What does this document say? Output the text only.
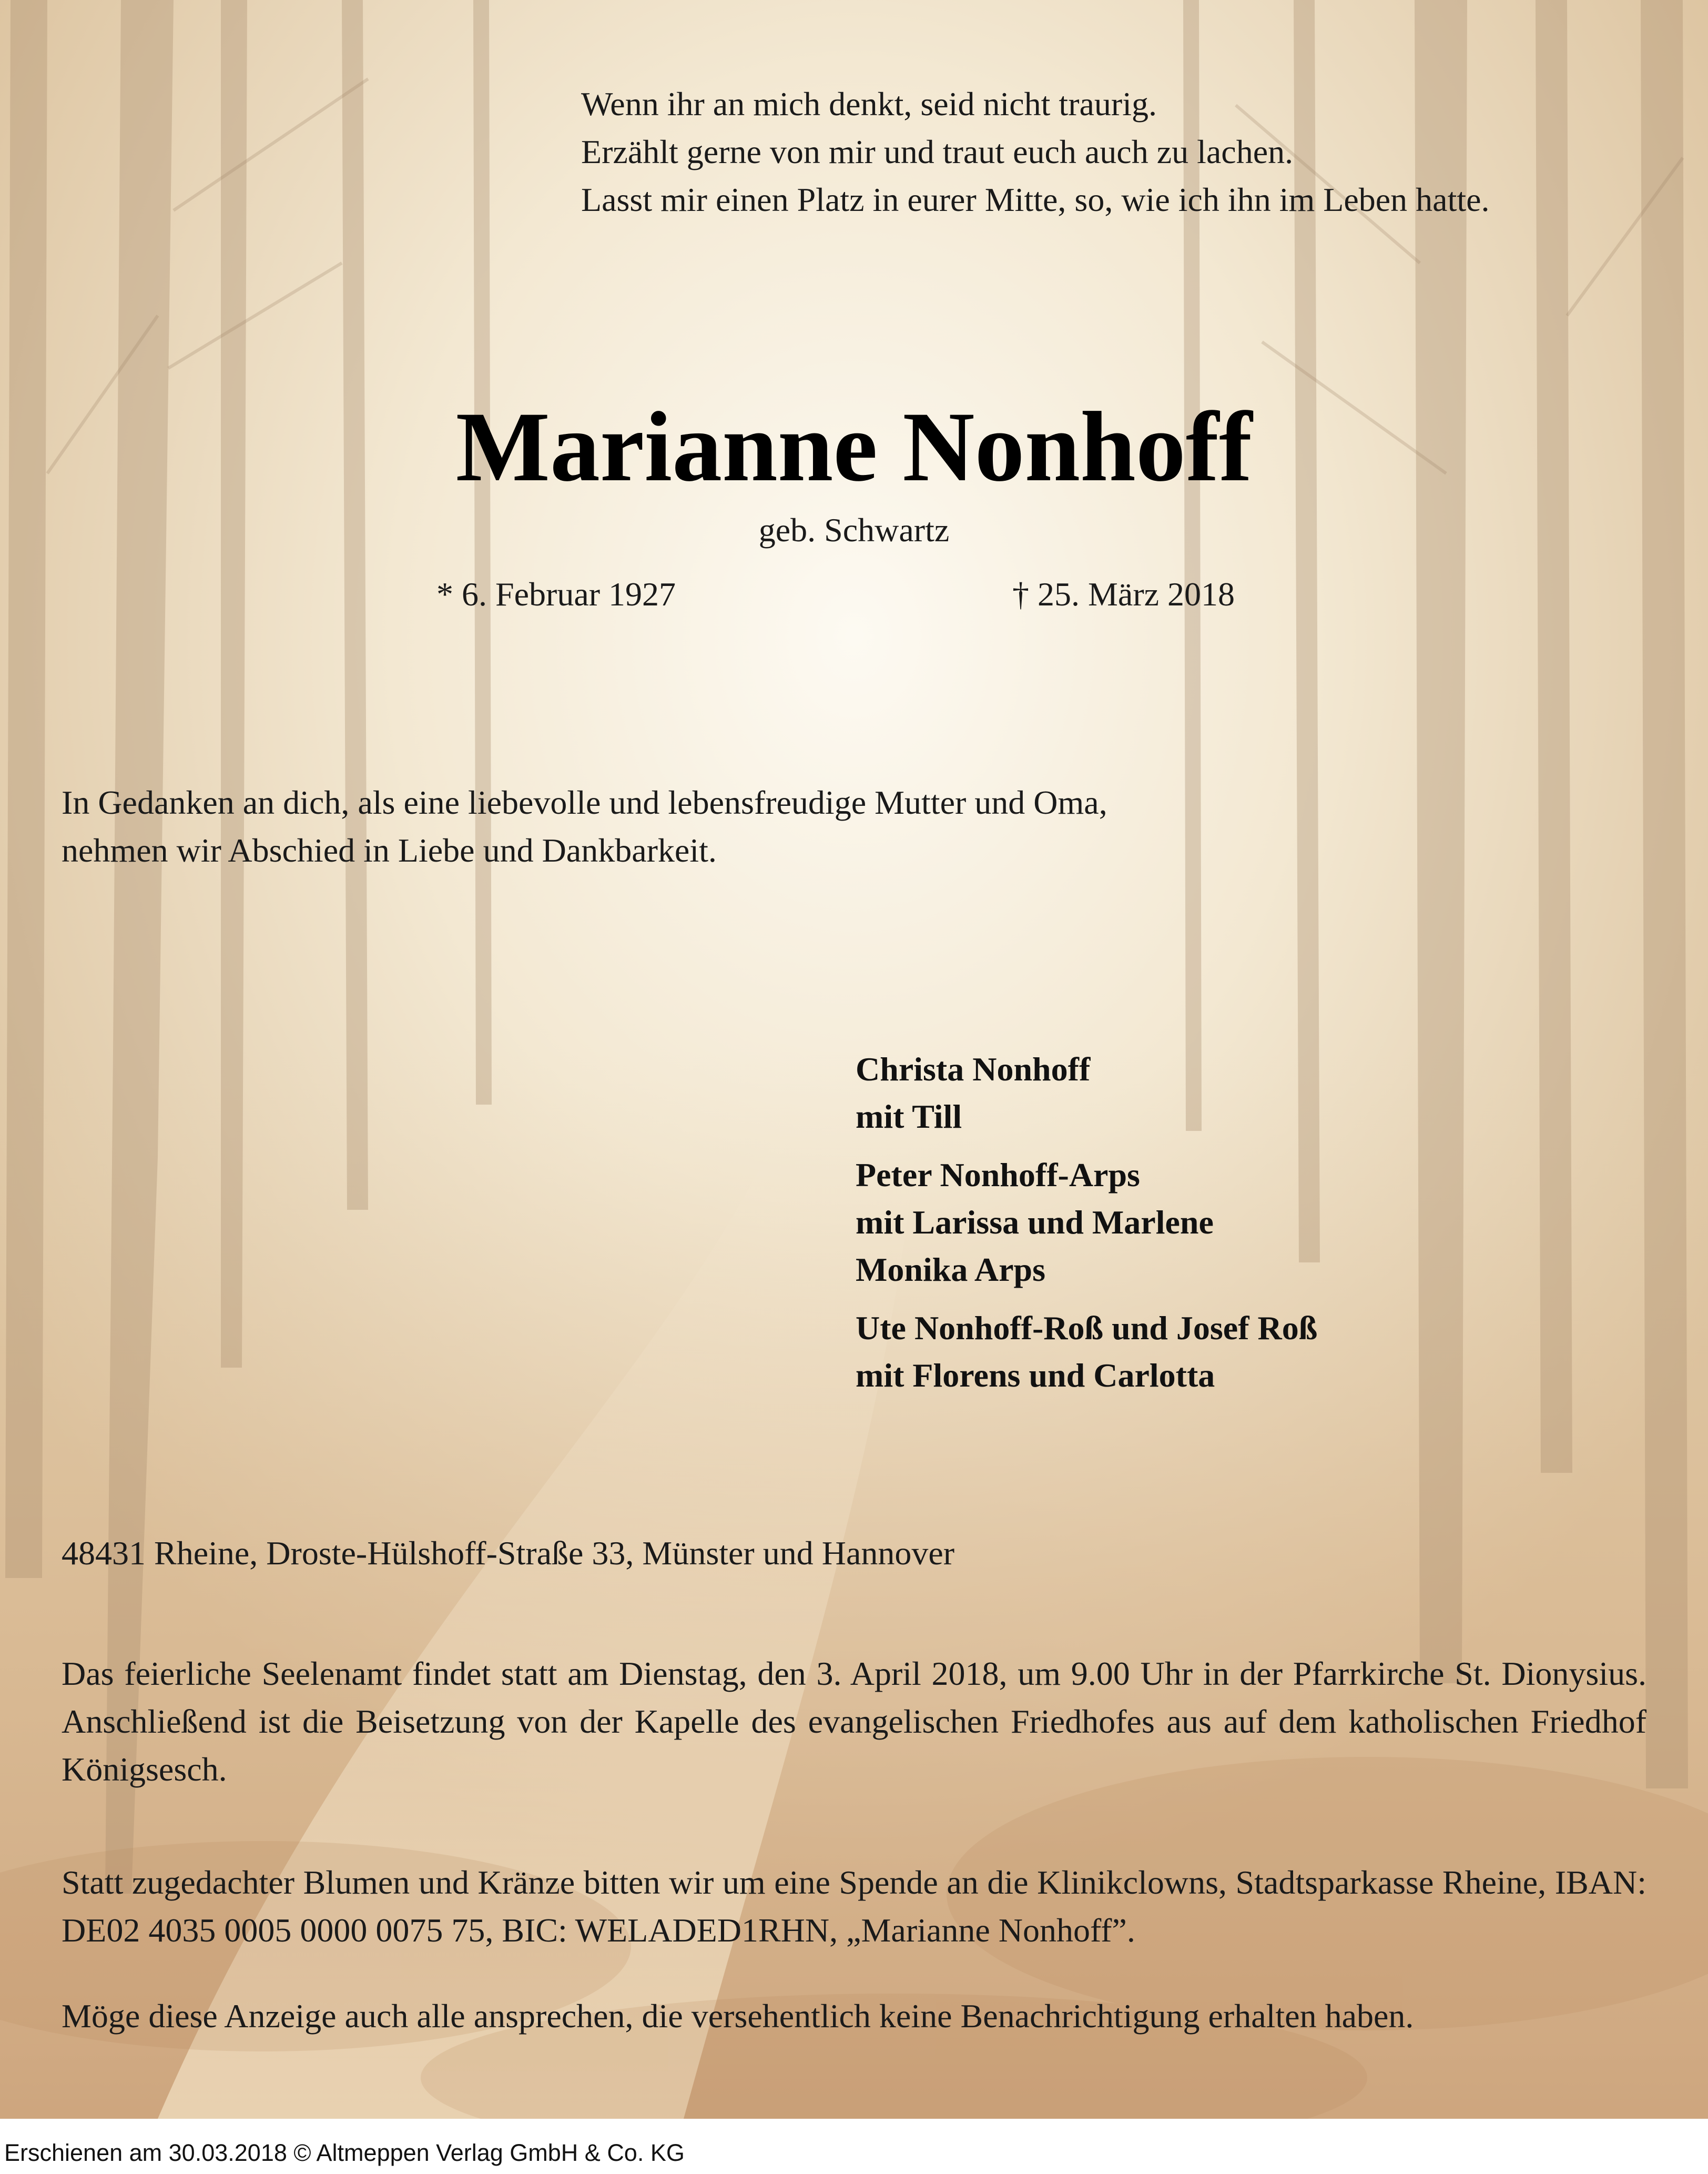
Wenn ihr an mich denkt, seid nicht traurig.
Erzählt gerne von mir und traut euch auch zu lachen.
Lasst mir einen Platz in eurer Mitte, so, wie ich ihn im Leben hatte.
Marianne Nonhoff
geb. Schwartz
* 6. Februar 1927	† 25. März 2018
In Gedanken an dich, als eine liebevolle und lebensfreudige Mutter und Oma,
nehmen wir Abschied in Liebe und Dankbarkeit.
Christa Nonhoff
mit Till
Peter Nonhoff-Arps
mit Larissa und Marlene
Monika Arps
Ute Nonhoff-Roß und Josef Roß
mit Florens und Carlotta
48431 Rheine, Droste-Hülshoff-Straße 33, Münster und Hannover
Das feierliche Seelenamt findet statt am Dienstag, den 3. April 2018, um 9.00 Uhr in der Pfarrkirche St. Dionysius. Anschließend ist die Beisetzung von der Kapelle des evangelischen Friedhofes aus auf dem katholischen Friedhof Königsesch.
Statt zugedachter Blumen und Kränze bitten wir um eine Spende an die Klinikclowns, Stadtsparkasse Rheine, IBAN: DE02 4035 0005 0000 0075 75, BIC: WELADED1RHN, „Marianne Nonhoff”.
Möge diese Anzeige auch alle ansprechen, die versehentlich keine Benachrichtigung erhalten haben.
Erschienen am 30.03.2018 © Altmeppen Verlag GmbH & Co. KG
